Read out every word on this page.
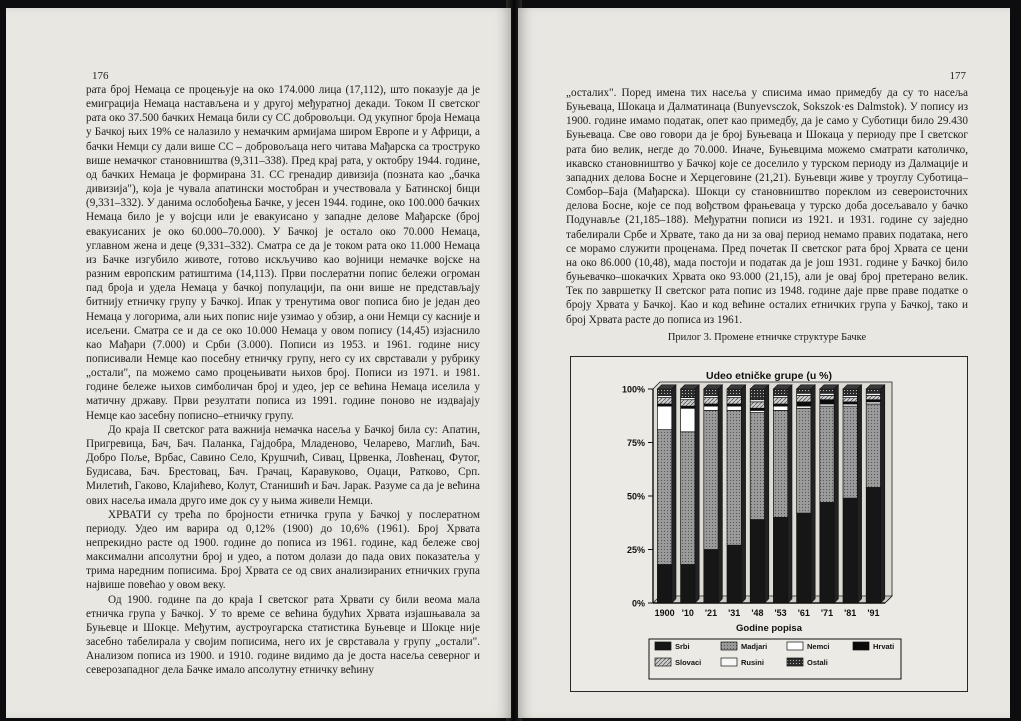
176

рата број Немаца се процењује на око 174.000 лица (17,112), што показује да је емиграција Немаца настављена и у другој међуратној декади. Током II светског рата око 37.500 бачких Немаца били су СС добровољци. Од укупног броја Немаца у Бачкој њих 19% се налазило у немачким армијама широм Европе и у Африци, а бачки Немци су дали више СС – добровољаца него читава Мађарска са троструко више немачког становништва (9,311–338). Пред крај рата, у октобру 1944. године, од бачких Немаца је формирана 31. СС гренадир дивизија (позната као „бачка дивизија"), која је чувала апатински мостобран и учествовала у Батинској бици (9,331–332). У данима ослобођења Бачке, у јесен 1944. године, око 100.000 бачких Немаца било је у војсци или је евакуисано у западне делове Мађарске (број евакуисаних је око 60.000–70.000). У Бачкој је остало око 70.000 Немаца, углавном жена и деце (9,331–332). Сматра се да је током рата око 11.000 Немаца из Бачке изгубило животе, готово искључиво као војници немачке војске на разним европским ратиштима (14,113). Први послератни попис бележи огроман пад броја и удела Немаца у бачкој популацији, па они више не представљају битнију етничку групу у Бачкој. Ипак у тренутима овог пописа био је један део Немаца у логорима, али њих попис није узимао у обзир, а они Немци су касније и исељени. Сматра се и да се око 10.000 Немаца у овом попису (14,45) изјаснило као Мађари (7.000) и Срби (3.000). Пописи из 1953. и 1961. године нису пописивали Немце као посебну етничку групу, него су их сврставали у рубрику „остали", па можемо само процењивати њихов број. Пописи из 1971. и 1981. године бележе њихов симболичан број и удео, јер се већина Немаца иселила у матичну државу. Први резултати пописа из 1991. године поново не издвајају Немце као засебну пописно–етничку групу.

До краја II светског рата важнија немачка насеља у Бачкој била су: Апатин, Пригревица, Бач, Бач. Паланка, Гајдобра, Младеново, Челарево, Маглић, Бач. Добро Поље, Врбас, Савино Село, Крушчић, Сивац, Црвенка, Ловћенац, Футог, Будисава, Бач. Брестовац, Бач. Грачац, Каравуково, Оџаци, Ратково, Срп. Милетић, Гаково, Клајићево, Колут, Станишић и Бач. Јарак. Разуме са да је већина ових насеља имала друго име док су у њима живели Немци.

ХРВАТИ су трећа по бројности етничка група у Бачкој у послератном периоду. Удео им варира од 0,12% (1900) до 10,6% (1961). Број Хрвата непрекидно расте од 1900. године до пописа из 1961. године, кад бележе свој максимални апсолутни број и удео, а потом долази до пада ових показатеља у трима наредним пописима. Број Хрвата се од свих анализираних етничких група највише повећао у овом веку.

Од 1900. године па до краја I светског рата Хрвати су били веома мала етничка група у Бачкој. У то време се већина будућих Хрвата изјашњавала за Буњевце и Шокце. Међутим, аустроугарска статистика Буњевце и Шокце није засебно табелирала у својим пописима, него их је сврставала у групу „остали". Анализом пописа из 1900. и 1910. године видимо да је доста насеља северног и северозападног дела Бачке имало апсолутну етничку већину

177

„осталих". Поред имена тих насеља у списима имао примедбу да су то насеља Буњеваца, Шокаца и Далматинаца (Bunyevsczok, Sokszok·es Dalmstok). У попису из 1900. године имамо податак, опет као примедбу, да је само у Суботици било 29.430 Буњеваца. Све ово говори да је број Буњеваца и Шокаца у периоду пре I светског рата био велик, негде до 70.000. Иначе, Буњевцима можемо сматрати католичко, икавско становништво у Бачкој које се доселило у турском периоду из Далмације и западних делова Босне и Херцеговине (21,21). Буњевци живе у троуглу Суботица–Сомбор–Баја (Мађарска). Шокци су становништво пореклом из североисточних делова Босне, које се под вођством фрањеваца у турско доба досељавало у бачко Подунавље (21,185–188). Међуратни пописи из 1921. и 1931. године су заједно табелирали Србе и Хрвате, тако да ни за овај период немамо правих података, него се морамо служити проценама. Пред почетак II светског рата број Хрвата се цени на око 86.000 (10,48), мада постоји и податак да је још 1931. године у Бачкој било буњевачко–шокачких Хрвата око 93.000 (21,15), али је овај број претерано велик. Тек по завршетку II светског рата попис из 1948. године даје прве праве податке о броју Хрвата у Бачкој. Као и код већине осталих етничких група у Бачкој, тако и број Хрвата расте до пописа из 1961.

Прилог 3. Промене етничке структуре Бачке
Udeo etničke grupe (u %)
0%
25%
50%
75%
100%
1900 '10 '21 '31 '48 '53 '61 '71 '81 '91
Godine popisa
Srbi	Madjari	Nemci	Hrvati
Slovaci	Rusini	Ostali
